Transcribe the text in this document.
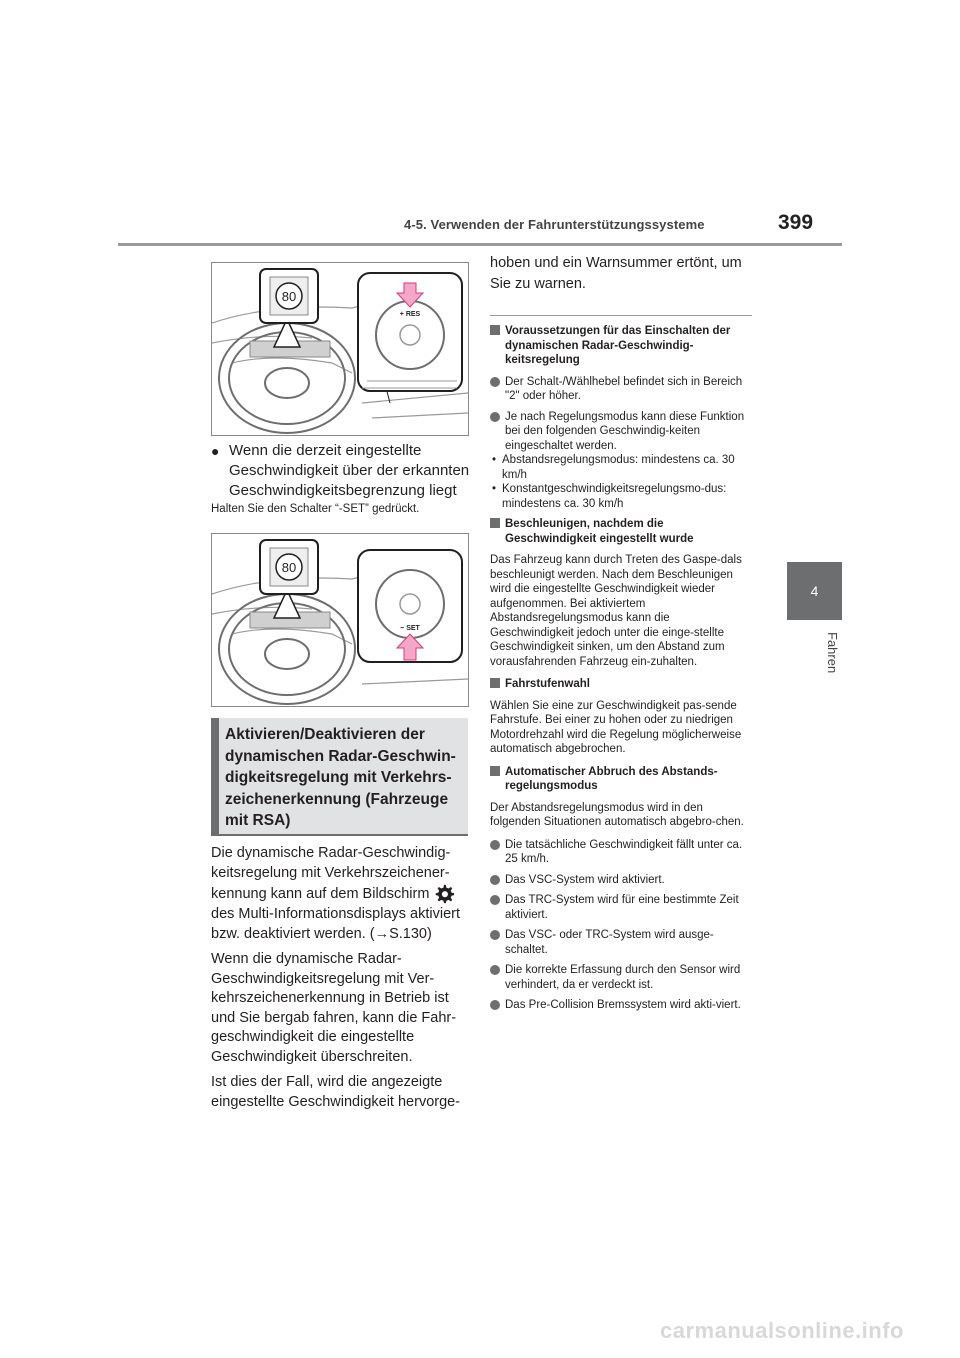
4-5. Verwenden der Fahrunterstützungssysteme	399
4
Fahren
80
+ RES
● Wenn die derzeit eingestellte Geschwindigkeit über der erkannten Geschwindigkeitsbegrenzung liegt
Halten Sie den Schalter “-SET” gedrückt.
80
− SET
Aktivieren/Deaktivieren der dynamischen Radar-Geschwin-digkeitsregelung mit Verkehrs-zeichenerkennung (Fahrzeuge mit RSA)

Die dynamische Radar-Geschwindig-keitsregelung mit Verkehrszeichener-kennung kann auf dem Bildschirm  des Multi-Informationsdisplays aktiviert bzw. deaktiviert werden. (→S.130)

Wenn die dynamische Radar-Geschwindigkeitsregelung mit Ver-kehrszeichenerkennung in Betrieb ist und Sie bergab fahren, kann die Fahr-geschwindigkeit die eingestellte Geschwindigkeit überschreiten.

Ist dies der Fall, wird die angezeigte eingestellte Geschwindigkeit hervorge-

hoben und ein Warnsummer ertönt, um Sie zu warnen.

Voraussetzungen für das Einschalten der dynamischen Radar-Geschwindig-keitsregelung
Der Schalt-/Wählhebel befindet sich in Bereich "2" oder höher.
Je nach Regelungsmodus kann diese Funktion bei den folgenden Geschwindig-keiten eingeschaltet werden.
• Abstandsregelungsmodus: mindestens ca. 30 km/h
• Konstantgeschwindigkeitsregelungsmo-dus: mindestens ca. 30 km/h
Beschleunigen, nachdem die Geschwindigkeit eingestellt wurde

Das Fahrzeug kann durch Treten des Gaspe-dals beschleunigt werden. Nach dem Beschleunigen wird die eingestellte Geschwindigkeit wieder aufgenommen. Bei aktiviertem Abstandsregelungsmodus kann die Geschwindigkeit jedoch unter die einge-stellte Geschwindigkeit sinken, um den Abstand zum vorausfahrenden Fahrzeug ein-zuhalten.

Fahrstufenwahl

Wählen Sie eine zur Geschwindigkeit pas-sende Fahrstufe. Bei einer zu hohen oder zu niedrigen Motordrehzahl wird die Regelung möglicherweise automatisch abgebrochen.

Automatischer Abbruch des Abstands-regelungsmodus

Der Abstandsregelungsmodus wird in den folgenden Situationen automatisch abgebro-chen.

Die tatsächliche Geschwindigkeit fällt unter ca. 25 km/h.
Das VSC-System wird aktiviert.
Das TRC-System wird für eine bestimmte Zeit aktiviert.
Das VSC- oder TRC-System wird ausge-schaltet.
Die korrekte Erfassung durch den Sensor wird verhindert, da er verdeckt ist.
Das Pre-Collision Bremssystem wird akti-viert.
carmanualsonline.info
